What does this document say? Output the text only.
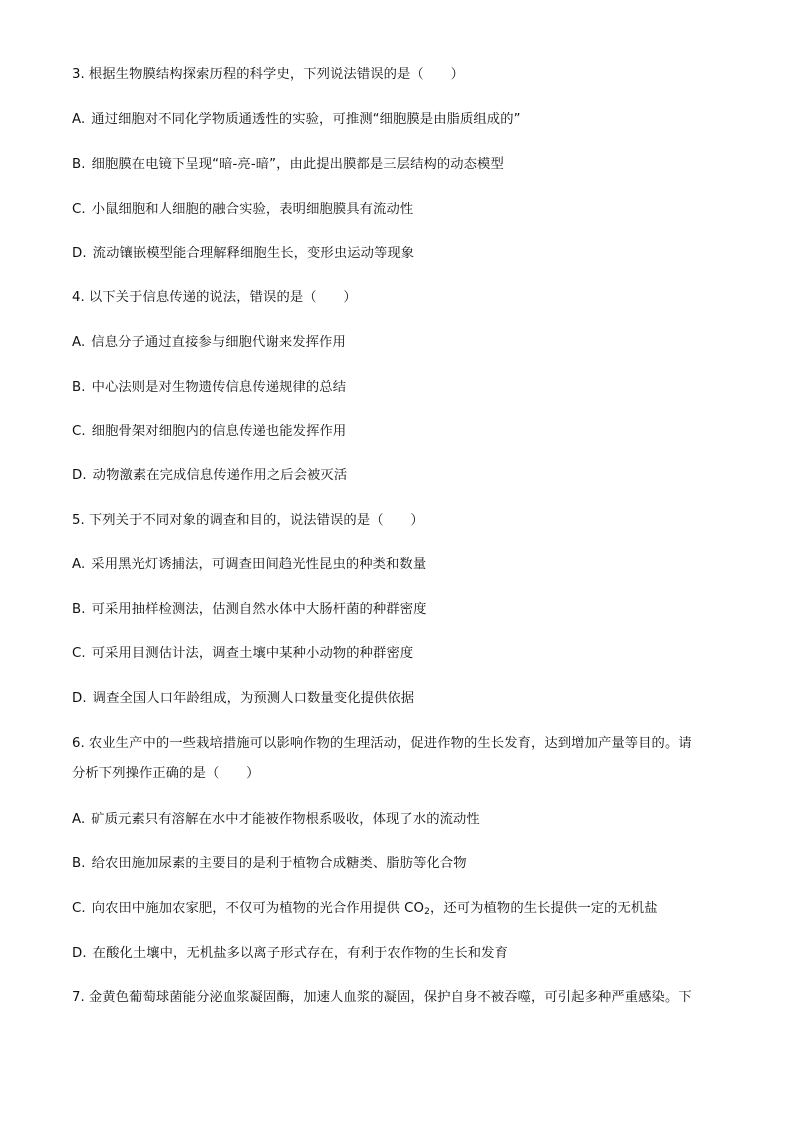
3. 根据生物膜结构探索历程的科学史，下列说法错误的是（　　）
A. 通过细胞对不同化学物质通透性的实验，可推测“细胞膜是由脂质组成的”
B. 细胞膜在电镜下呈现“暗-亮-暗”，由此提出膜都是三层结构的动态模型
C. 小鼠细胞和人细胞的融合实验，表明细胞膜具有流动性
D. 流动镶嵌模型能合理解释细胞生长，变形虫运动等现象
4. 以下关于信息传递的说法，错误的是（　　）
A. 信息分子通过直接参与细胞代谢来发挥作用
B. 中心法则是对生物遗传信息传递规律的总结
C. 细胞骨架对细胞内的信息传递也能发挥作用
D. 动物激素在完成信息传递作用之后会被灭活
5. 下列关于不同对象的调查和目的，说法错误的是（　　）
A. 采用黑光灯诱捕法，可调查田间趋光性昆虫的种类和数量
B. 可采用抽样检测法，估测自然水体中大肠杆菌的种群密度
C. 可采用目测估计法，调查土壤中某种小动物的种群密度
D. 调查全国人口年龄组成，为预测人口数量变化提供依据
6. 农业生产中的一些栽培措施可以影响作物的生理活动，促进作物的生长发育，达到增加产量等目的。请
分析下列操作正确的是（　　）
A. 矿质元素只有溶解在水中才能被作物根系吸收，体现了水的流动性
B. 给农田施加尿素的主要目的是利于植物合成糖类、脂肪等化合物
C. 向农田中施加农家肥，不仅可为植物的光合作用提供 $CO_2$，还可为植物的生长提供一定的无机盐
D. 在酸化土壤中，无机盐多以离子形式存在，有利于农作物的生长和发育
7. 金黄色葡萄球菌能分泌血浆凝固酶，加速人血浆的凝固，保护自身不被吞噬，可引起多种严重感染。下
